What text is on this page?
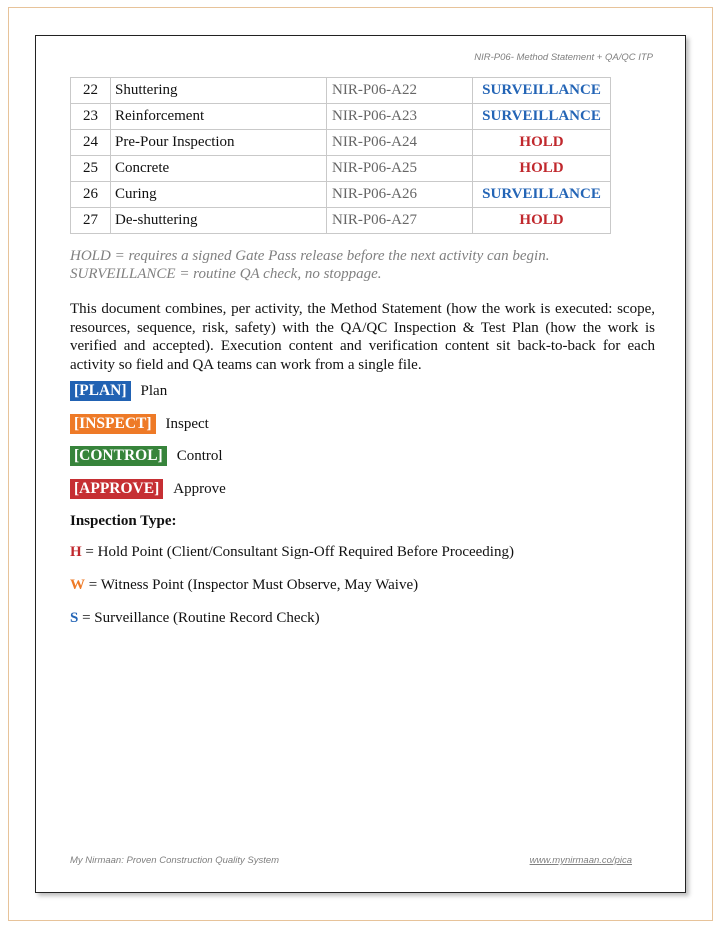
NIR-P06- Method Statement + QA/QC ITP
22	Shuttering	NIR-P06-A22	SURVEILLANCE
23	Reinforcement	NIR-P06-A23	SURVEILLANCE
24	Pre-Pour Inspection	NIR-P06-A24	HOLD
25	Concrete	NIR-P06-A25	HOLD
26	Curing	NIR-P06-A26	SURVEILLANCE
27	De-shuttering	NIR-P06-A27	HOLD
HOLD = requires a signed Gate Pass release before the next activity can begin.
SURVEILLANCE = routine QA check, no stoppage.
This document combines, per activity, the Method Statement (how the work is executed: scope, resources, sequence, risk, safety) with the QA/QC Inspection & Test Plan (how the work is verified and accepted). Execution content and verification content sit back-to-back for each activity so field and QA teams can work from a single file.
[PLAN] Plan
[INSPECT] Inspect
[CONTROL] Control
[APPROVE] Approve
Inspection Type:
H = Hold Point (Client/Consultant Sign-Off Required Before Proceeding)
W = Witness Point (Inspector Must Observe, May Waive)
S = Surveillance (Routine Record Check)
My Nirmaan: Proven Construction Quality System	www.mynirmaan.co/pica
